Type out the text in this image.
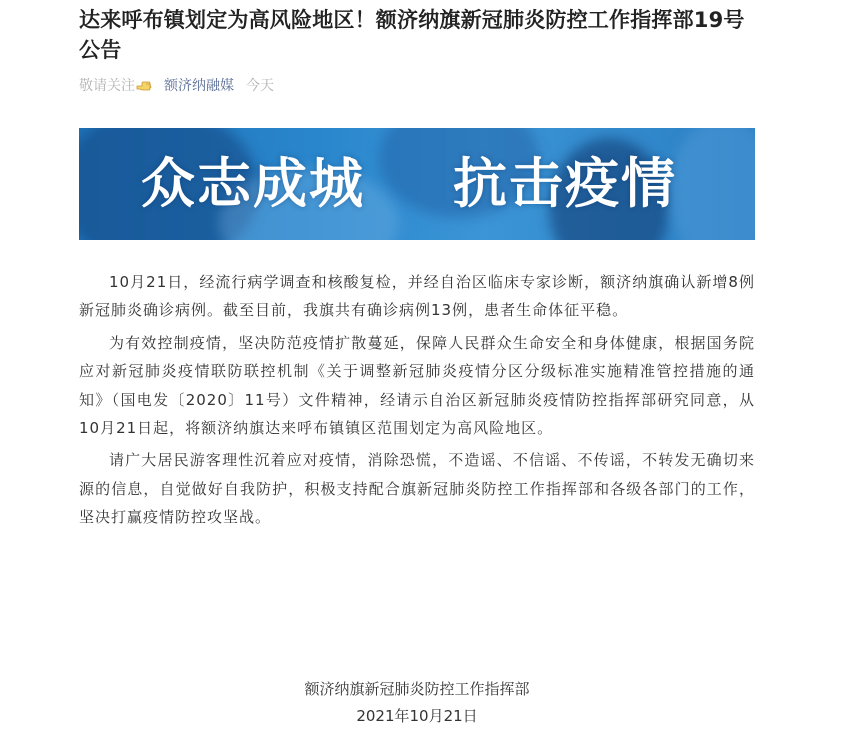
达来呼布镇划定为高风险地区！额济纳旗新冠肺炎防控工作指挥部19号公告
敬请关注 额济纳融媒 今天
众志成城 抗击疫情

10月21日，经流行病学调查和核酸复检，并经自治区临床专家诊断，额济纳旗确认新增8例新冠肺炎确诊病例。截至目前，我旗共有确诊病例13例，患者生命体征平稳。

为有效控制疫情，坚决防范疫情扩散蔓延，保障人民群众生命安全和身体健康，根据国务院应对新冠肺炎疫情联防联控机制《关于调整新冠肺炎疫情分区分级标准实施精准管控措施的通知》（国电发〔2020〕11号）文件精神，经请示自治区新冠肺炎疫情防控指挥部研究同意，从10月21日起，将额济纳旗达来呼布镇镇区范围划定为高风险地区。

请广大居民游客理性沉着应对疫情，消除恐慌，不造谣、不信谣、不传谣，不转发无确切来源的信息，自觉做好自我防护，积极支持配合旗新冠肺炎防控工作指挥部和各级各部门的工作，坚决打赢疫情防控攻坚战。

额济纳旗新冠肺炎防控工作指挥部
2021年10月21日
